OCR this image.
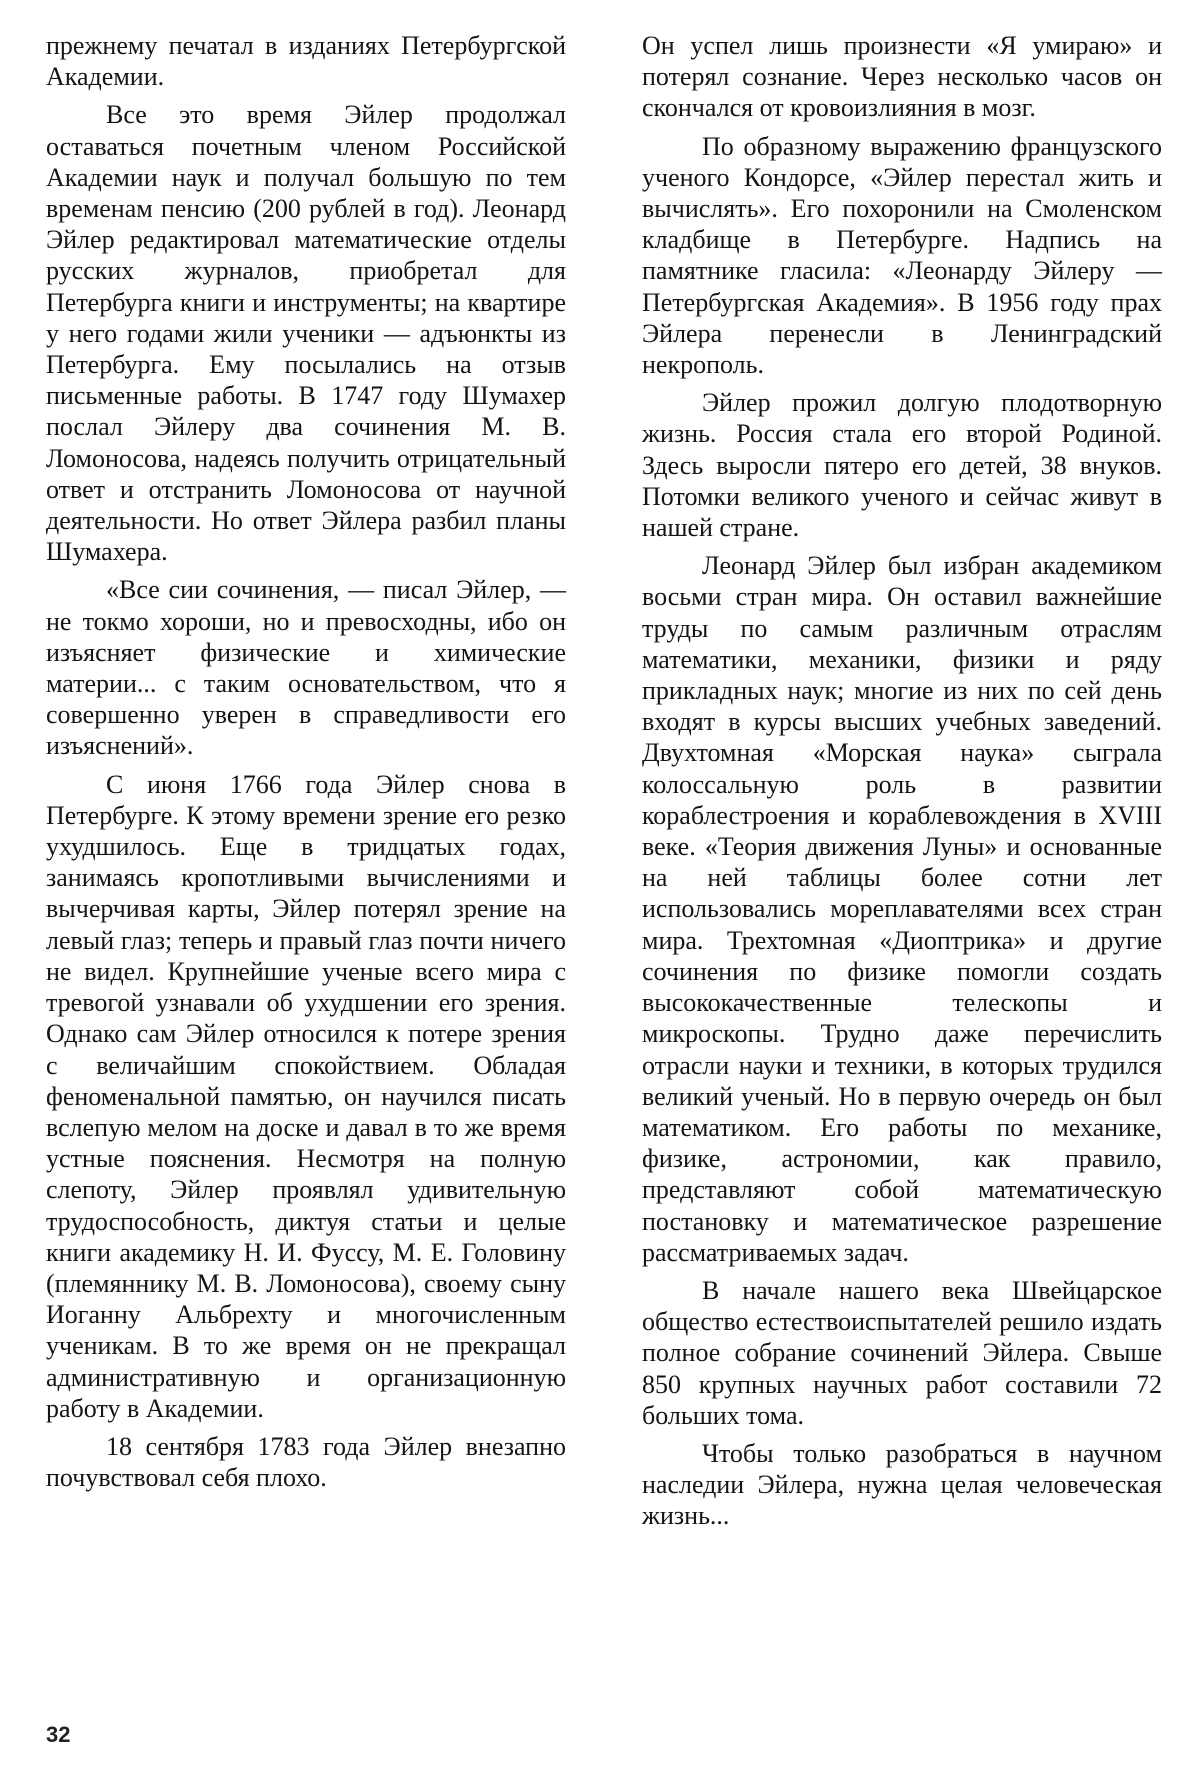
прежнему печатал в изданиях Петербургской Академии.

Все это время Эйлер продолжал оставаться почетным членом Российской Академии наук и получал большую по тем временам пенсию (200 рублей в год). Леонард Эйлер редактировал математические отделы русских журналов, приобретал для Петербурга книги и инструменты; на квартире у него годами жили ученики — адъюнкты из Петербурга. Ему посылались на отзыв письменные работы. В 1747 году Шумахер послал Эйлеру два сочинения М. В. Ломоносова, надеясь получить отрицательный ответ и отстранить Ломоносова от научной деятельности. Но ответ Эйлера разбил планы Шумахера.

«Все сии сочинения, — писал Эйлер, — не токмо хороши, но и превосходны, ибо он изъясняет физические и химические материи... с таким основательством, что я совершенно уверен в справедливости его изъяснений».

С июня 1766 года Эйлер снова в Петербурге. К этому времени зрение его резко ухудшилось. Еще в тридцатых годах, занимаясь кропотливыми вычислениями и вычерчивая карты, Эйлер потерял зрение на левый глаз; теперь и правый глаз почти ничего не видел. Крупнейшие ученые всего мира с тревогой узнавали об ухудшении его зрения. Однако сам Эйлер относился к потере зрения с величайшим спокойствием. Обладая феноменальной памятью, он научился писать вслепую мелом на доске и давал в то же время устные пояснения. Несмотря на полную слепоту, Эйлер проявлял удивительную трудоспособность, диктуя статьи и целые книги академику Н. И. Фуссу, М. Е. Головину (племяннику М. В. Ломоносова), своему сыну Иоганну Альбрехту и многочисленным ученикам. В то же время он не прекращал административную и организационную работу в Академии.

18 сентября 1783 года Эйлер внезапно почувствовал себя плохо.

Он успел лишь произнести «Я умираю» и потерял сознание. Через несколько часов он скончался от кровоизлияния в мозг.

По образному выражению французского ученого Кондорсе, «Эйлер перестал жить и вычислять». Его похоронили на Смоленском кладбище в Петербурге. Надпись на памятнике гласила: «Леонарду Эйлеру — Петербургская Академия». В 1956 году прах Эйлера перенесли в Ленинградский некрополь.

Эйлер прожил долгую плодотворную жизнь. Россия стала его второй Родиной. Здесь выросли пятеро его детей, 38 внуков. Потомки великого ученого и сейчас живут в нашей стране.

Леонард Эйлер был избран академиком восьми стран мира. Он оставил важнейшие труды по самым различным отраслям математики, механики, физики и ряду прикладных наук; многие из них по сей день входят в курсы высших учебных заведений. Двухтомная «Морская наука» сыграла колоссальную роль в развитии кораблестроения и кораблевождения в XVIII веке. «Теория движения Луны» и основанные на ней таблицы более сотни лет использовались мореплавателями всех стран мира. Трехтомная «Диоптрика» и другие сочинения по физике помогли создать высококачественные телескопы и микроскопы. Трудно даже перечислить отрасли науки и техники, в которых трудился великий ученый. Но в первую очередь он был математиком. Его работы по механике, физике, астрономии, как правило, представляют собой математическую постановку и математическое разрешение рассматриваемых задач.

В начале нашего века Швейцарское общество естествоиспытателей решило издать полное собрание сочинений Эйлера. Свыше 850 крупных научных работ составили 72 больших тома.

Чтобы только разобраться в научном наследии Эйлера, нужна целая человеческая жизнь...

32
